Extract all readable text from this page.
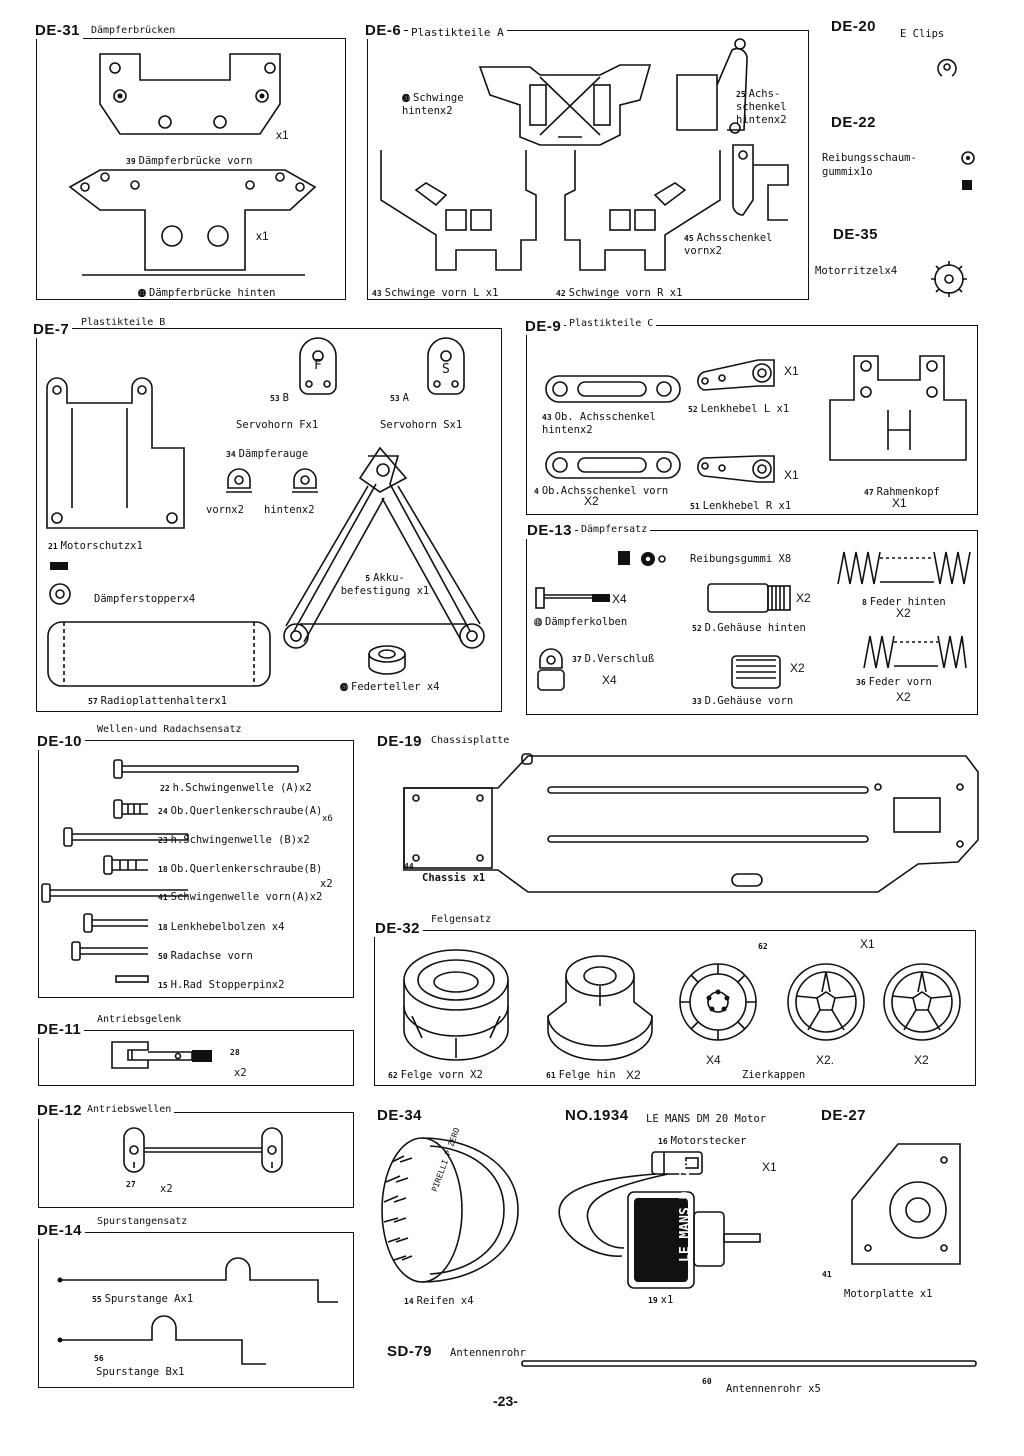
DE-31	Dämpferbrücken
x1
39 Dämpferbrücke vorn
x1
⓭ Dämpferbrücke hinten
DE-6 Plastikteile A
⓴ Schwinge hintenx2
25 Achs- schenkel hintenx2
45 Achsschenkel vornx2
43 Schwinge vorn L x1	42 Schwinge vorn R x1
DE-20 E Clips
DE-22
Reibungsschaum- gummix1o
DE-35
Motorritzelx4
DE-7	Plastikteile B
F	S
53 B	53 A
Servohorn Fx1	Servohorn Sx1
34 Dämpferauge
vornx2 hintenx2
21 Motorschutzx1
Dämpferstopperx4
57 Radioplattenhalterx1
5 Akku- befestigung x1
⓴ Federteller x4
DE-9 Plastikteile C
43 Ob. Achsschenkel hintenx2
4 Ob.Achsschenkel vorn
X2
X1
52 Lenkhebel L x1
X1
51 Lenkhebel R x1
47 Rahmenkopf
X1
DE-13 Dämpfersatz
Reibungsgummi X8
X4
⓾ Dämpferkolben
X2
52 D.Gehäuse hinten
37 D.Verschluß
X4
X2
33 D.Gehäuse vorn
8 Feder hinten
X2
36 Feder vorn
X2
DE-10
Wellen-und Radachsensatz
22 h.Schwingenwelle (A)x2
24 Ob.Querlenkerschraube(A)
x6
23 h.Schwingenwelle (B)x2
18 Ob.Querlenkerschraube(B)
x2
41 Schwingenwelle vorn(A)x2
18 Lenkhebelbolzen x4
50 Radachse vorn
15 H.Rad Stopperpinx2
DE-19 Chassisplatte
44
Chassis x1
DE-32
Felgensatz
62 Felge vorn X2	61 Felge hin X2
62	X1
X4	X2.	X2
Zierkappen
DE-11
Antriebsgelenk
28
x2
DE-12 Antriebswellen
27 x2
DE-14
Spurstangensatz
55 Spurstange Ax1
56
Spurstange Bx1
DE-34
PIRELLI P ZERO
14 Reifen x4
NO.1934 LE MANS DM 20 Motor
16 Motorstecker
LE MANS DM 20	X1
19 x1
DE-27
41
Motorplatte x1
SD-79 Antennenrohr
60
Antennenrohr x5
-23-
